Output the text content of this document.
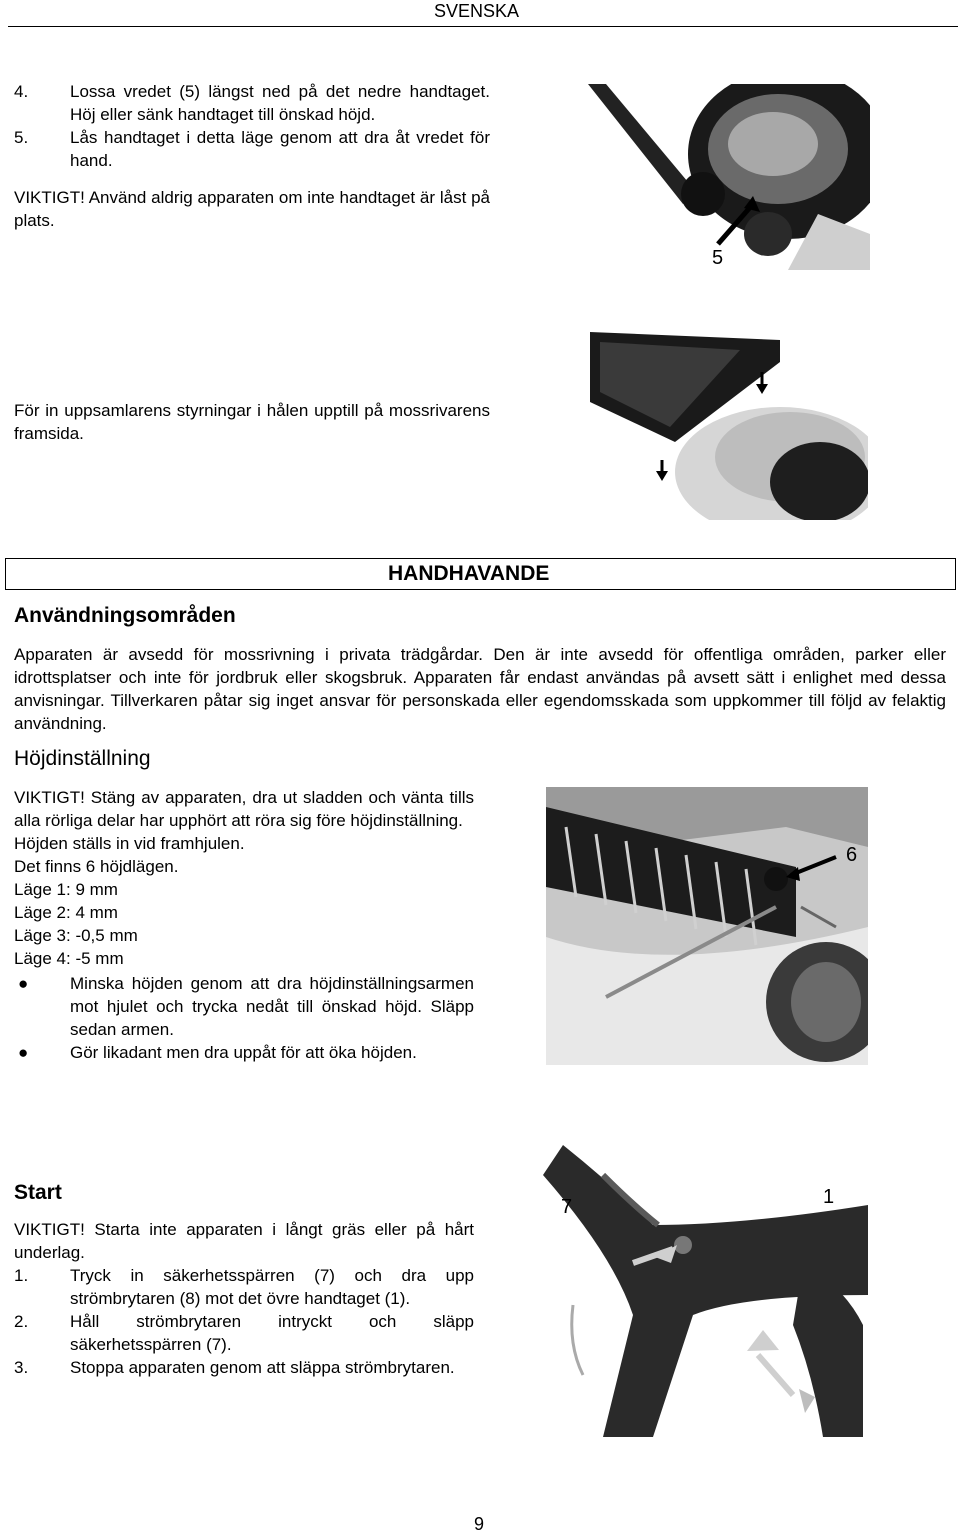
SVENSKA
4.	Lossa vredet (5) längst ned på det nedre handtaget. Höj eller sänk handtaget till önskad höjd.
5.	Lås handtaget i detta läge genom att dra åt vredet för hand.
VIKTIGT! Använd aldrig apparaten om inte handtaget är låst på plats.
5
För in uppsamlarens styrningar i hålen upptill på mossrivarens framsida.
HANDHAVANDE
Användningsområden
Apparaten är avsedd för mossrivning i privata trädgårdar. Den är inte avsedd för offentliga områden, parker eller idrottsplatser och inte för jordbruk eller skogsbruk. Apparaten får endast användas på avsett sätt i enlighet med dessa anvisningar. Tillverkaren påtar sig inget ansvar för personskada eller egendomsskada som uppkommer till följd av felaktig användning.
Höjdinställning
VIKTIGT! Stäng av apparaten, dra ut sladden och vänta tills alla rörliga delar har upphört att röra sig före höjdinställning.
Höjden ställs in vid framhjulen.
Det finns 6 höjdlägen.
Läge 1: 9 mm
Läge 2: 4 mm
Läge 3: -0,5 mm
Läge 4: -5 mm
●	Minska höjden genom att dra höjdinställningsarmen mot hjulet och trycka nedåt till önskad höjd. Släpp sedan armen.
●	Gör likadant men dra uppåt för att öka höjden.
6
Start
VIKTIGT! Starta inte apparaten i långt gräs eller på hårt underlag.
1.	Tryck in säkerhetsspärren (7) och dra upp strömbrytaren (8) mot det övre handtaget (1).
2.	Håll strömbrytaren intryckt och släpp säkerhetsspärren (7).
3.	Stoppa apparaten genom att släppa strömbrytaren.
7	1
9
